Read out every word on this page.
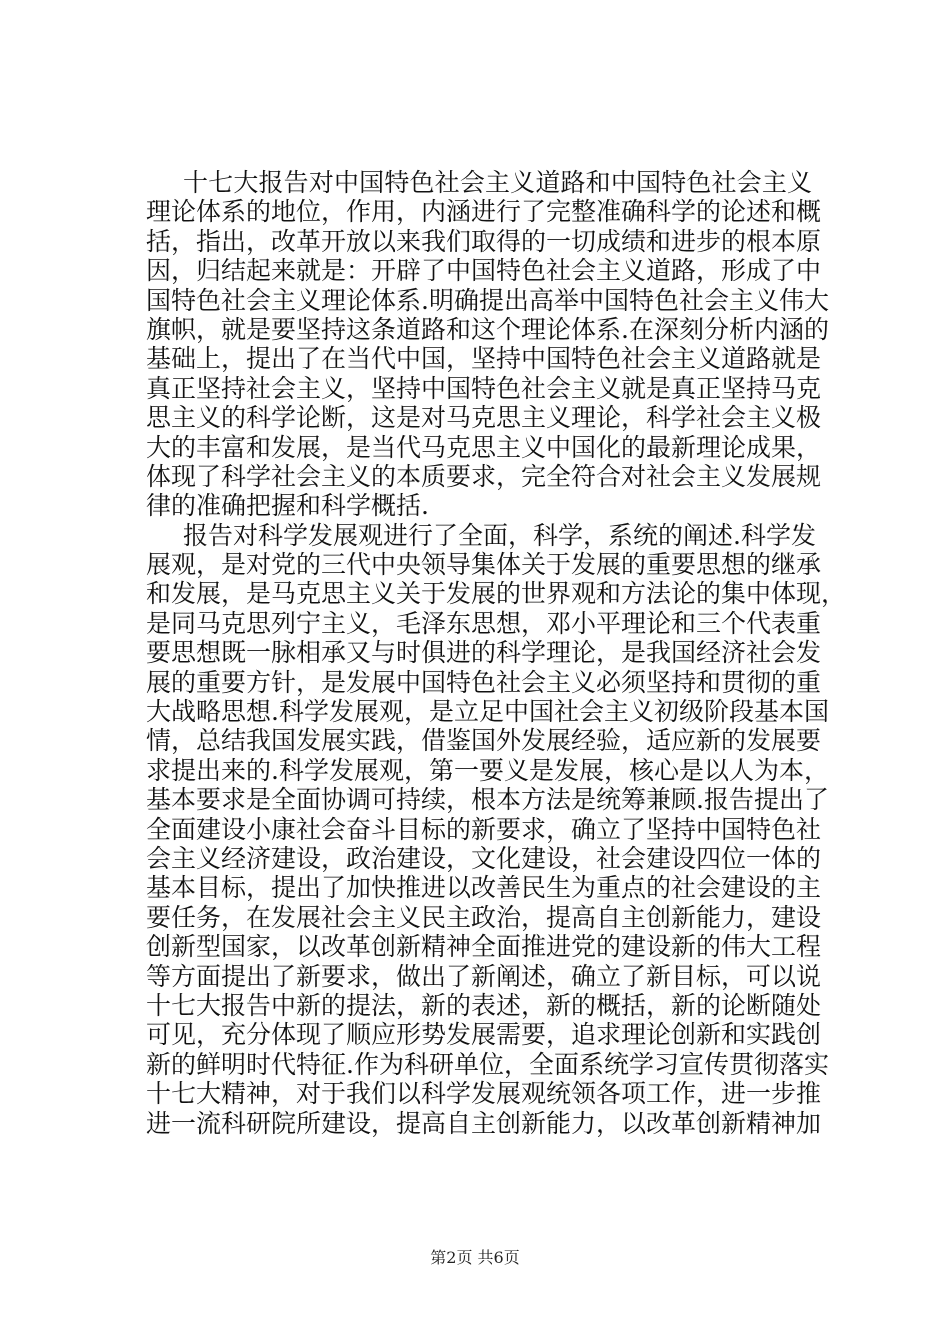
十七大报告对中国特色社会主义道路和中国特色社会主义
理论体系的地位，作用，内涵进行了完整准确科学的论述和概
括，指出，改革开放以来我们取得的一切成绩和进步的根本原
因，归结起来就是：开辟了中国特色社会主义道路，形成了中
国特色社会主义理论体系.明确提出高举中国特色社会主义伟大
旗帜，就是要坚持这条道路和这个理论体系.在深刻分析内涵的
基础上，提出了在当代中国，坚持中国特色社会主义道路就是
真正坚持社会主义，坚持中国特色社会主义就是真正坚持马克
思主义的科学论断，这是对马克思主义理论，科学社会主义极
大的丰富和发展，是当代马克思主义中国化的最新理论成果，
体现了科学社会主义的本质要求，完全符合对社会主义发展规
律的准确把握和科学概括.
报告对科学发展观进行了全面，科学，系统的阐述.科学发
展观，是对党的三代中央领导集体关于发展的重要思想的继承
和发展，是马克思主义关于发展的世界观和方法论的集中体现，
是同马克思列宁主义，毛泽东思想，邓小平理论和三个代表重
要思想既一脉相承又与时俱进的科学理论，是我国经济社会发
展的重要方针，是发展中国特色社会主义必须坚持和贯彻的重
大战略思想.科学发展观，是立足中国社会主义初级阶段基本国
情，总结我国发展实践，借鉴国外发展经验，适应新的发展要
求提出来的.科学发展观，第一要义是发展，核心是以人为本，
基本要求是全面协调可持续，根本方法是统筹兼顾.报告提出了
全面建设小康社会奋斗目标的新要求，确立了坚持中国特色社
会主义经济建设，政治建设，文化建设，社会建设四位一体的
基本目标，提出了加快推进以改善民生为重点的社会建设的主
要任务，在发展社会主义民主政治，提高自主创新能力，建设
创新型国家，以改革创新精神全面推进党的建设新的伟大工程
等方面提出了新要求，做出了新阐述，确立了新目标，可以说
十七大报告中新的提法，新的表述，新的概括，新的论断随处
可见，充分体现了顺应形势发展需要，追求理论创新和实践创
新的鲜明时代特征.作为科研单位，全面系统学习宣传贯彻落实
十七大精神，对于我们以科学发展观统领各项工作，进一步推
进一流科研院所建设，提高自主创新能力，以改革创新精神加
第2页 共6页
